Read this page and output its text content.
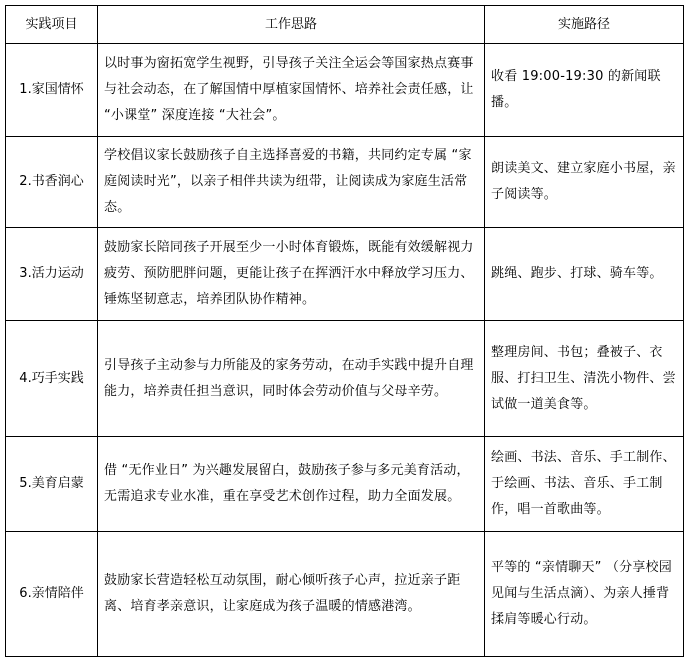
实践项目	工作思路	实施路径
1.家国情怀	以时事为窗拓宽学生视野，引导孩子关注全运会等国家热点赛事与社会动态，在了解国情中厚植家国情怀、培养社会责任感，让 “小课堂” 深度连接 “大社会”。	收看 19:00-19:30 的新闻联播。
2.书香润心	学校倡议家长鼓励孩子自主选择喜爱的书籍，共同约定专属 “家庭阅读时光”，以亲子相伴共读为纽带，让阅读成为家庭生活常态。	朗读美文、建立家庭小书屋，亲子阅读等。
3.活力运动	鼓励家长陪同孩子开展至少一小时体育锻炼，既能有效缓解视力疲劳、预防肥胖问题，更能让孩子在挥洒汗水中释放学习压力、锤炼坚韧意志，培养团队协作精神。	跳绳、跑步、打球、骑车等。
4.巧手实践	引导孩子主动参与力所能及的家务劳动，在动手实践中提升自理能力，培养责任担当意识，同时体会劳动价值与父母辛劳。	整理房间、书包；叠被子、衣服、打扫卫生、清洗小物件、尝试做一道美食等。
5.美育启蒙	借 “无作业日” 为兴趣发展留白，鼓励孩子参与多元美育活动，无需追求专业水准，重在享受艺术创作过程，助力全面发展。	绘画、书法、音乐、手工制作、于绘画、书法、音乐、手工制作，唱一首歌曲等。
6.亲情陪伴	鼓励家长营造轻松互动氛围，耐心倾听孩子心声，拉近亲子距离、培育孝亲意识，让家庭成为孩子温暖的情感港湾。	平等的 “亲情聊天” （分享校园见闻与生活点滴）、为亲人捶背揉肩等暖心行动。
